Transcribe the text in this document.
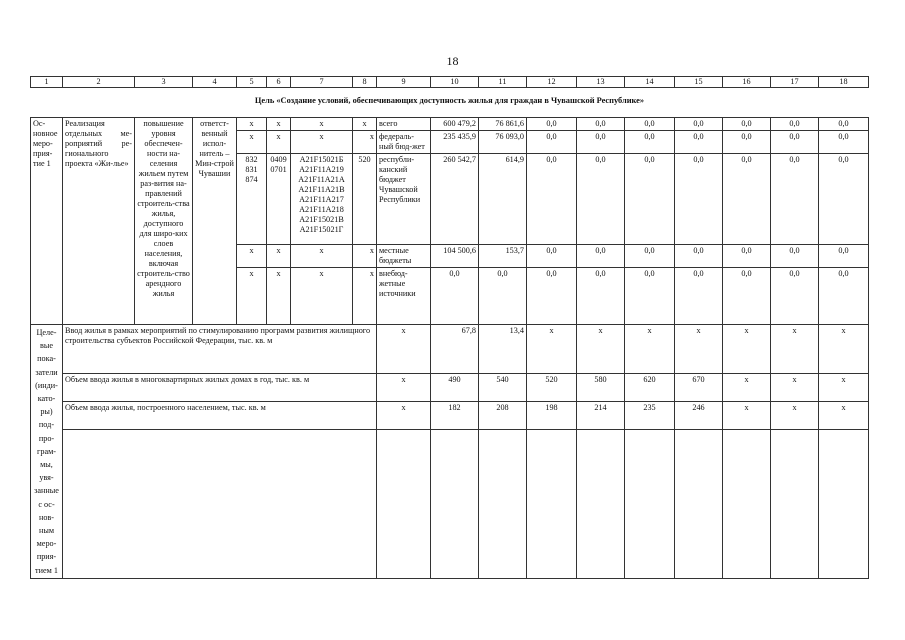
18
1	2	3	4	5	6	7	8	9	10	11	12	13	14	15	16	17	18
Цель «Создание условий, обеспечивающих доступность жилья для граждан в Чувашской Республике»																	
Ос-новное меро-прия-тие 1	Реализация отдельных ме-роприятий ре-гионального проекта «Жи-лье»	повышение уровня обеспечен-ности на-селения жильем путем раз-вития на-правлений строитель-ства жилья, доступного для широ-ких слоев населения, включая строитель-ство арендного жилья	ответст-венный испол-нитель – Мин-строй Чувашии	x	x	x	x	всего	600 479,2	76 861,6	0,0	0,0	0,0	0,0	0,0	0,0	0,0
				x	x	x	x	федераль-ный бюд-жет	235 435,9	76 093,0	0,0	0,0	0,0	0,0	0,0	0,0	0,0
				832 831 874	0409 0701	A21F15021Б A21F11A219 A21F11A21A A21F11A21B A21F11A217 A21F11A218 A21F15021B A21F15021Г	520	республи-канский бюджет Чувашской Республики	260 542,7	614,9	0,0	0,0	0,0	0,0	0,0	0,0	0,0
				x	x	x	x	местные бюджеты	104 500,6	153,7	0,0	0,0	0,0	0,0	0,0	0,0	0,0
				x	x	x	x	внебюд-жетные источники	0,0	0,0	0,0	0,0	0,0	0,0	0,0	0,0	0,0
Целе-вые пока-затели (инди-като-ры) под-про-грам-мы, увя-занные с ос-нов-ным меро-прия-тием 1	Ввод жилья в рамках мероприятий по стимулированию программ развития жилищного строительства субъектов Российской Федерации, тыс. кв. м							x	67,8	13,4	x	x	x	x	x	x	x
	Объем ввода жилья в многоквартирных жилых домах в год, тыс. кв. м							x	490	540	520	580	620	670	x	x	x
	Объем ввода жилья, построенного населением, тыс. кв. м							x	182	208	198	214	235	246	x	x	x
